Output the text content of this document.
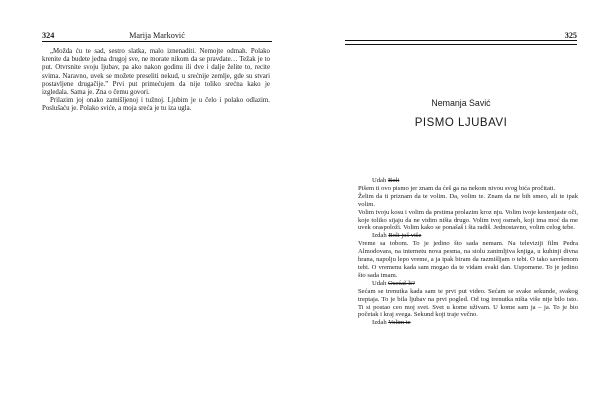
324	Marija Marković

„Možda ću te sad, sestro slatka, malo iznenaditi. Nemojte odmah. Polako krenite da budete jedna drugoj sve, ne morate nikom da se pravdate… Težak je to put. Otvrsnite svoju ljubav, pa ako nakon godinu ili dve i dalje želite to, recite svima. Naravno, uvek se možete preseliti nekud, u srećnije zemlje, gde su stvari postavljene drugačije.” Prvi put primećujem da nije toliko srećna kako je izgledala. Sama je. Zna o čemu govori.

Prilazim joj onako zamišljenoj i tužnoj. Ljubim je u čelo i polako odlazim. Poslušaću je. Polako sviće, a moja sreća je tu iza ugla.

325
Nemanja Savić
PISMO LJUBAVI

Udah Boli

Pišem ti ovo pismo jer znam da ćeš ga na nekom nivou svog bića pročitati.

Želim da ti priznam da te volim. Da, volim te. Znam da ne bih smeo, ali te ipak volim.

Volim tvoju kosu i volim da prstima prolazim kroz nju. Volim tvoje kestenjaste oči, koje toliko sijaju da ne vidim ništa drugo. Volim tvoj osmeh, koji ima moć da me uvek oraspoloži. Volim kako se ponašaš i šta radiš. Jednostavno, volim celog tebe.

Izdah Boli još više

Vreme sa tobom. To je jedino što sada nemam. Na televiziji film Pedra Almodovara, na internetu nova pesma, na stolu zanimljiva knjiga, u kuhinji divna hrana, napolju lepo vreme, a ja ipak biram da razmišljam o tebi. O tako savršenom tebi. O vremenu kada sam mogao da te vidam svaki dan. Uspomene. To je jedino što sada imam.

Udah Osećaš li?

Sećam se trenutka kada sam te prvi put video. Sećam se svake sekunde, svakog treptaja. To je bila ljubav na prvi pogled. Od tog trenutka ništa više nije bilo isto. Ti si postao ceo moj svet. Svet u kome uživam. U kome sam ja – ja. To je bio početak i kraj svega. Sekund koji traje večno.

Izdah Volim te
